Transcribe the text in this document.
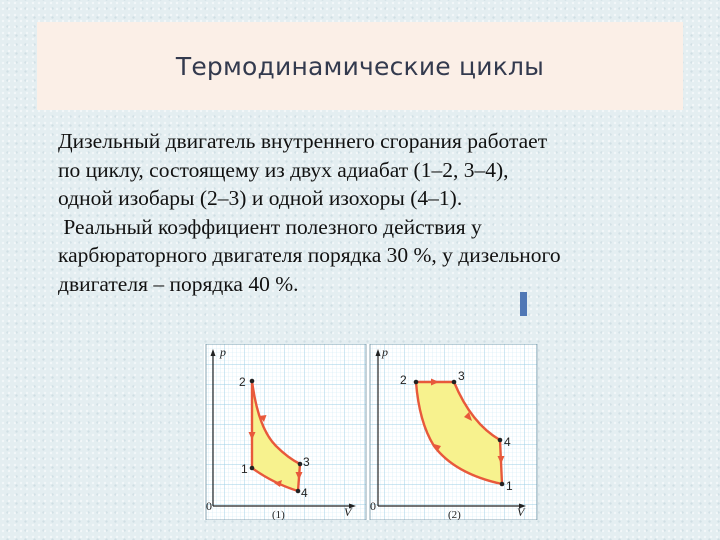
Термодинамические циклы

Дизельный двигатель внутреннего сгорания работает
по циклу, состоящему из двух адиабат (1–2, 3–4),
одной изобары (2–3) и одной изохоры (4–1).
Реальный коэффициент полезного действия у
карбюраторного двигателя порядка 30 %, у дизельного
двигателя – порядка 40 %.

p
V
0
(1)
2
1	3
4
p
V
0
(2)
2	3
4
1
